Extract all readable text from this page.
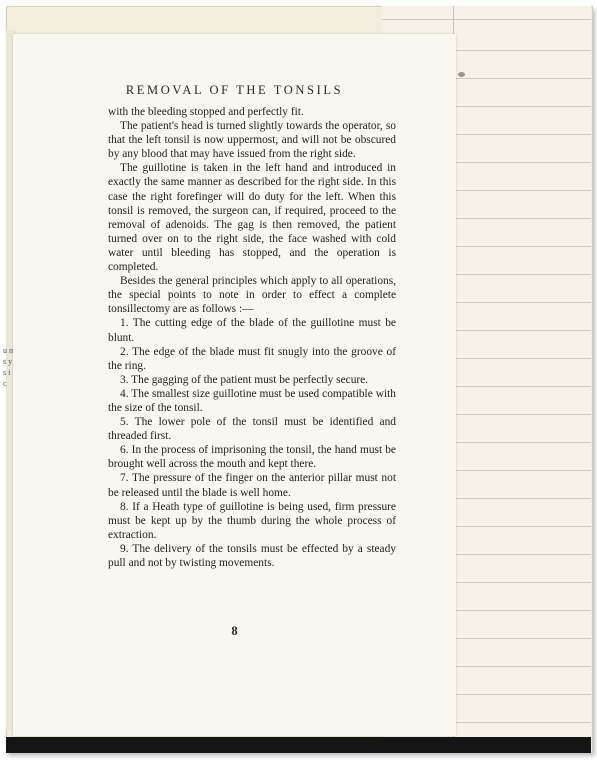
u n s y s i c
REMOVAL OF THE TONSILS

with the bleeding stopped and perfectly fit.

The patient's head is turned slightly towards the operator, so that the left tonsil is now uppermost, and will not be obscured by any blood that may have issued from the right side.

The guillotine is taken in the left hand and introduced in exactly the same manner as described for the right side. In this case the right forefinger will do duty for the left. When this tonsil is removed, the surgeon can, if required, proceed to the removal of adenoids. The gag is then removed, the patient turned over on to the right side, the face washed with cold water until bleeding has stopped, and the operation is completed.

Besides the general principles which apply to all operations, the special points to note in order to effect a complete tonsillectomy are as follows :—

1. The cutting edge of the blade of the guillotine must be blunt.

2. The edge of the blade must fit snugly into the groove of the ring.

3. The gagging of the patient must be perfectly secure.

4. The smallest size guillotine must be used compatible with the size of the tonsil.

5. The lower pole of the tonsil must be identified and threaded first.

6. In the process of imprisoning the tonsil, the hand must be brought well across the mouth and kept there.

7. The pressure of the finger on the anterior pillar must not be released until the blade is well home.

8. If a Heath type of guillotine is being used, firm pressure must be kept up by the thumb during the whole process of extraction.

9. The delivery of the tonsils must be effected by a steady pull and not by twisting movements.

8
